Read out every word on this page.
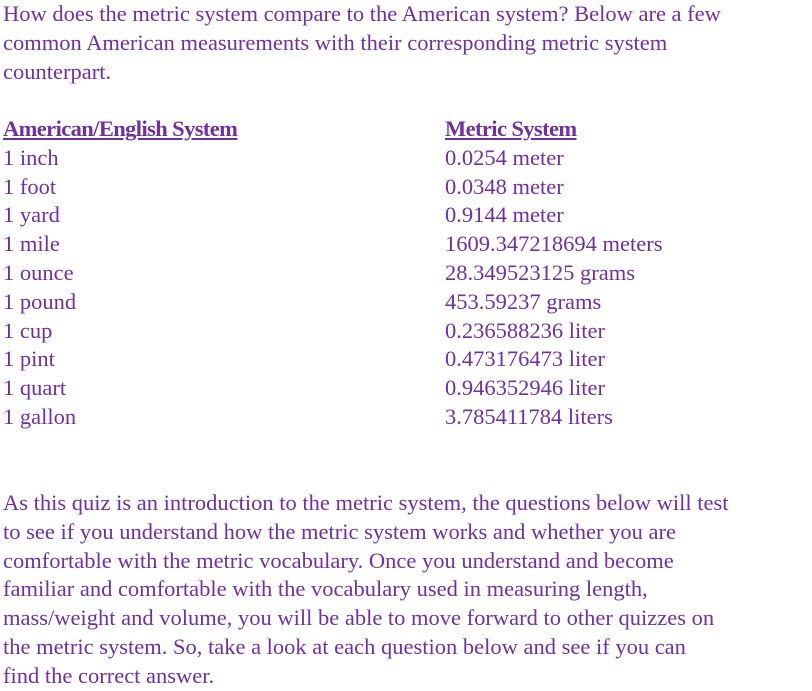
How does the metric system compare to the American system? Below are a few
common American measurements with their corresponding metric system
counterpart.
American/English System	Metric System
1 inch	0.0254 meter
1 foot	0.0348 meter
1 yard	0.9144 meter
1 mile	1609.347218694 meters
1 ounce	28.349523125 grams
1 pound	453.59237 grams
1 cup	0.236588236 liter
1 pint	0.473176473 liter
1 quart	0.946352946 liter
1 gallon	3.785411784 liters
As this quiz is an introduction to the metric system, the questions below will test
to see if you understand how the metric system works and whether you are
comfortable with the metric vocabulary. Once you understand and become
familiar and comfortable with the vocabulary used in measuring length,
mass/weight and volume, you will be able to move forward to other quizzes on
the metric system. So, take a look at each question below and see if you can
find the correct answer.
